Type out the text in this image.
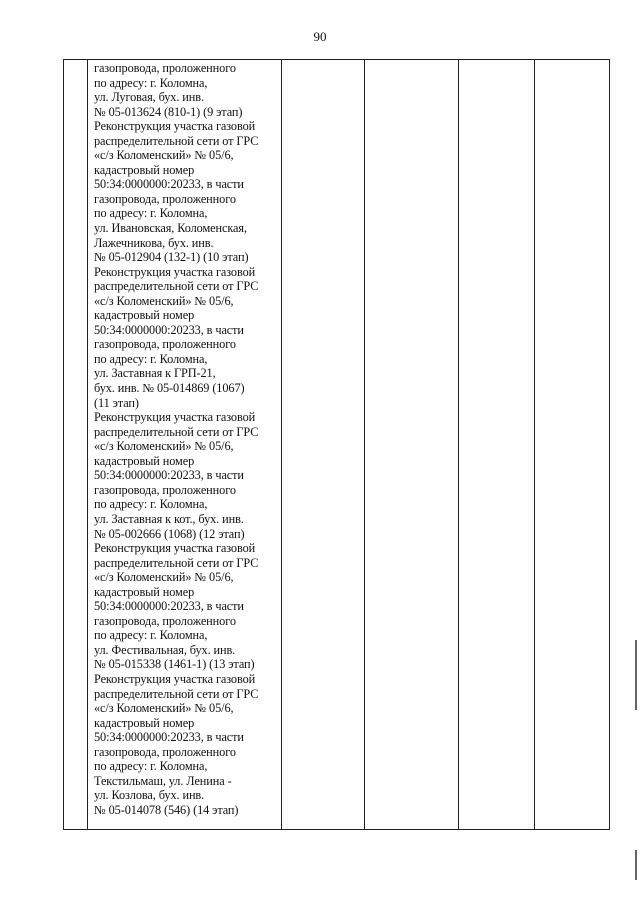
90
газопровода, проложенного
по адресу: г. Коломна,
ул. Луговая, бух. инв.
№ 05-013624 (810-1) (9 этап)
Реконструкция участка газовой
распределительной сети от ГРС
«с/з Коломенский» № 05/6,
кадастровый номер
50:34:0000000:20233, в части
газопровода, проложенного
по адресу: г. Коломна,
ул. Ивановская, Коломенская,
Лажечникова, бух. инв.
№ 05-012904 (132-1) (10 этап)
Реконструкция участка газовой
распределительной сети от ГРС
«с/з Коломенский» № 05/6,
кадастровый номер
50:34:0000000:20233, в части
газопровода, проложенного
по адресу: г. Коломна,
ул. Заставная к ГРП-21,
бух. инв. № 05-014869 (1067)
(11 этап)
Реконструкция участка газовой
распределительной сети от ГРС
«с/з Коломенский» № 05/6,
кадастровый номер
50:34:0000000:20233, в части
газопровода, проложенного
по адресу: г. Коломна,
ул. Заставная к кот., бух. инв.
№ 05-002666 (1068) (12 этап)
Реконструкция участка газовой
распределительной сети от ГРС
«с/з Коломенский» № 05/6,
кадастровый номер
50:34:0000000:20233, в части
газопровода, проложенного
по адресу: г. Коломна,
ул. Фестивальная, бух. инв.
№ 05-015338 (1461-1) (13 этап)
Реконструкция участка газовой
распределительной сети от ГРС
«с/з Коломенский» № 05/6,
кадастровый номер
50:34:0000000:20233, в части
газопровода, проложенного
по адресу: г. Коломна,
Текстильмаш, ул. Ленина -
ул. Козлова, бух. инв.
№ 05-014078 (546) (14 этап)
